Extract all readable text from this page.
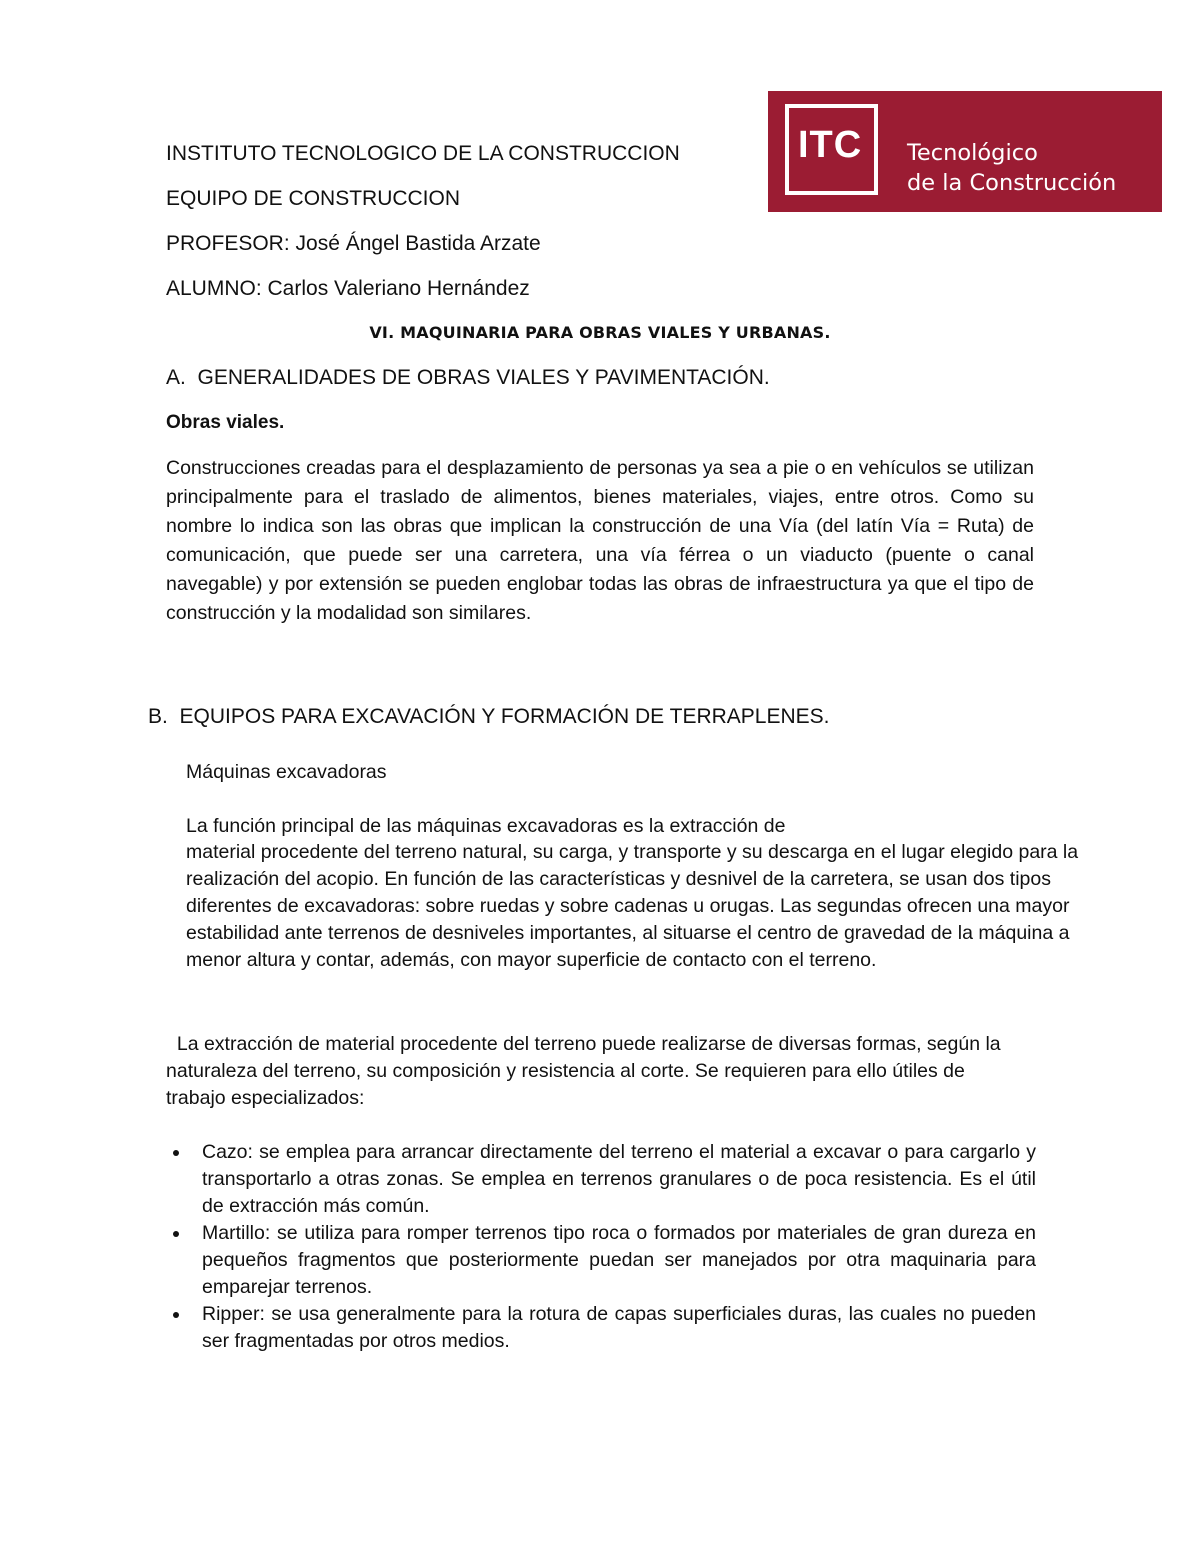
INSTITUTO TECNOLOGICO DE LA CONSTRUCCION
EQUIPO DE CONSTRUCCION
PROFESOR: José Ángel Bastida Arzate
ALUMNO: Carlos Valeriano Hernández
ITC Tecnológico
de la Construcción
VI. MAQUINARIA PARA OBRAS VIALES Y URBANAS.
A.  GENERALIDADES DE OBRAS VIALES Y PAVIMENTACIÓN.
Obras viales.

Construcciones creadas para el desplazamiento de personas ya sea a pie o en vehículos se utilizan principalmente para el traslado de alimentos, bienes materiales, viajes, entre otros. Como su nombre lo indica son las obras que implican la construcción de una Vía (del latín Vía = Ruta) de comunicación, que puede ser una carretera, una vía férrea o un viaducto (puente o canal navegable) y por extensión se pueden englobar todas las obras de infraestructura ya que el tipo de construcción y la modalidad son similares.

B.  EQUIPOS PARA EXCAVACIÓN Y FORMACIÓN DE TERRAPLENES.
Máquinas excavadoras
La función principal de las máquinas excavadoras es la extracción de
material procedente del terreno natural, su carga, y transporte y su descarga en el lugar elegido para la realización del acopio. En función de las características y desnivel de la carretera, se usan dos tipos diferentes de excavadoras: sobre ruedas y sobre cadenas u orugas. Las segundas ofrecen una mayor estabilidad ante terrenos de desniveles importantes, al situarse el centro de gravedad de la máquina a menor altura y contar, además, con mayor superficie de contacto con el terreno.
La extracción de material procedente del terreno puede realizarse de diversas formas, según la naturaleza del terreno, su composición y resistencia al corte. Se requieren para ello útiles de trabajo especializados:
Cazo: se emplea para arrancar directamente del terreno el material a excavar o para cargarlo y transportarlo a otras zonas. Se emplea en terrenos granulares o de poca resistencia. Es el útil de extracción más común.
Martillo: se utiliza para romper terrenos tipo roca o formados por materiales de gran dureza en pequeños fragmentos que posteriormente puedan ser manejados por otra maquinaria para emparejar terrenos.
Ripper: se usa generalmente para la rotura de capas superficiales duras, las cuales no pueden ser fragmentadas por otros medios.
